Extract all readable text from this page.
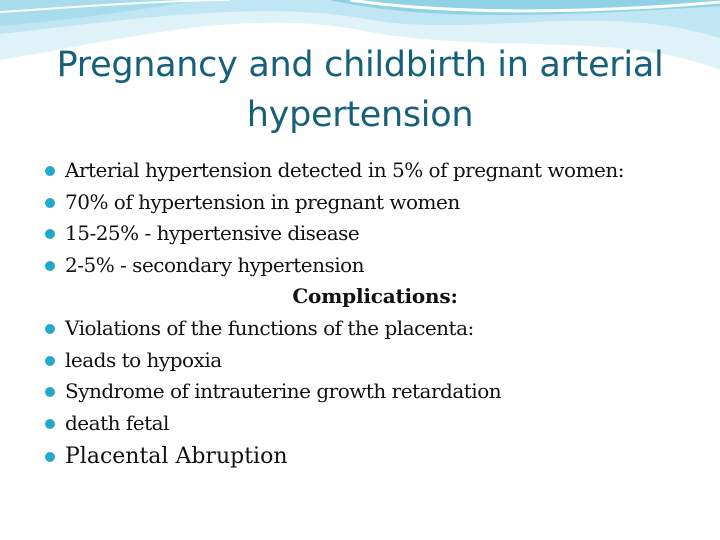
Pregnancy and childbirth in arterial hypertension
Arterial hypertension detected in 5% of pregnant women:
70% of hypertension in pregnant women
15-25% - hypertensive disease
2-5% - secondary hypertension
Complications:
Violations of the functions of the placenta:
leads to hypoxia
Syndrome of intrauterine growth retardation
death fetal
Placental Abruption
